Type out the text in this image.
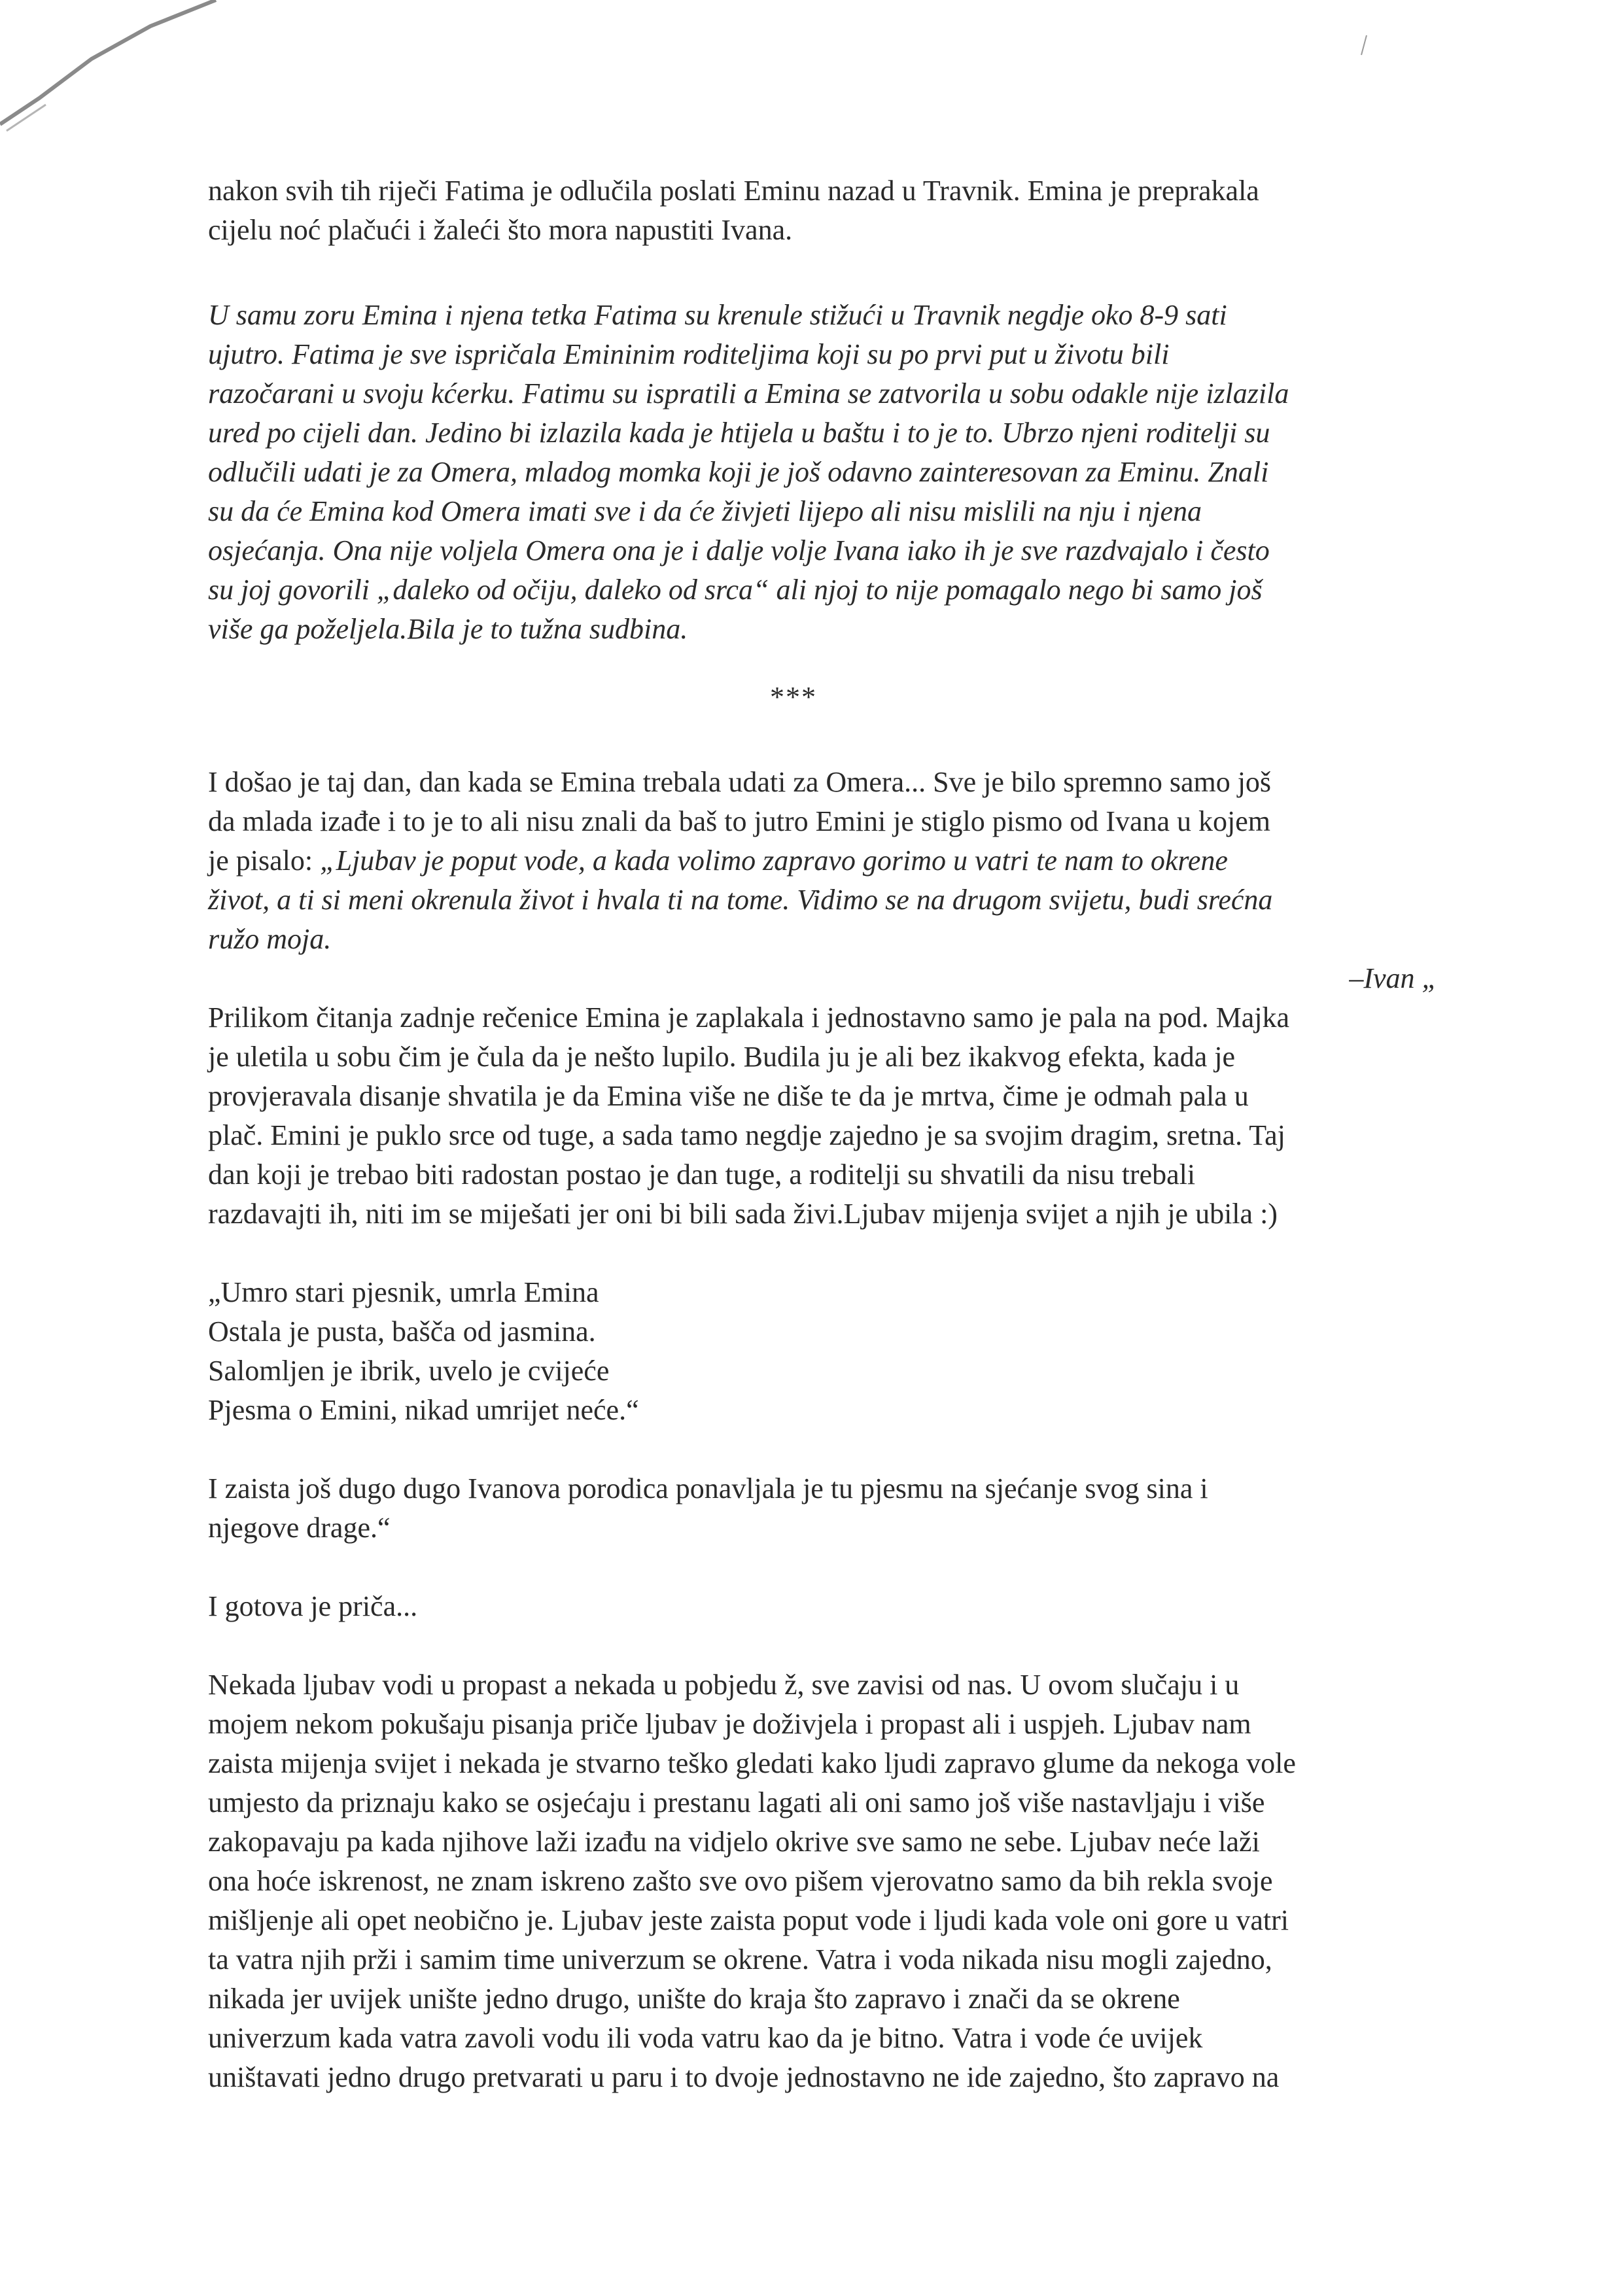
nakon svih tih riječi Fatima je odlučila poslati Eminu nazad u Travnik. Emina je preprakala
cijelu noć plačući i žaleći što mora napustiti Ivana.

U samu zoru Emina i njena tetka Fatima su krenule stižući u Travnik negdje oko 8-9 sati
ujutro. Fatima je sve ispričala Emininim roditeljima koji su po prvi put u životu bili
razočarani u svoju kćerku. Fatimu su ispratili a Emina se zatvorila u sobu odakle nije izlazila
ured po cijeli dan. Jedino bi izlazila kada je htijela u baštu i to je to. Ubrzo njeni roditelji su
odlučili udati je za Omera, mladog momka koji je još odavno zainteresovan za Eminu. Znali
su da će Emina kod Omera imati sve i da će živjeti lijepo ali nisu mislili na nju i njena
osjećanja. Ona nije voljela Omera ona je i dalje volje Ivana iako ih je sve razdvajalo i često
su joj govorili „daleko od očiju, daleko od srca“ ali njoj to nije pomagalo nego bi samo još
više ga poželjela.Bila je to tužna sudbina.

***

I došao je taj dan, dan kada se Emina trebala udati za Omera... Sve je bilo spremno samo još
da mlada izađe i to je to ali nisu znali da baš to jutro Emini je stiglo pismo od Ivana u kojem
je pisalo: „Ljubav je poput vode, a kada volimo zapravo gorimo u vatri te nam to okrene
život, a ti si meni okrenula život i hvala ti na tome. Vidimo se na drugom svijetu, budi srećna
ružo moja.

–Ivan „

Prilikom čitanja zadnje rečenice Emina je zaplakala i jednostavno samo je pala na pod. Majka
je uletila u sobu čim je čula da je nešto lupilo. Budila ju je ali bez ikakvog efekta, kada je
provjeravala disanje shvatila je da Emina više ne diše te da je mrtva, čime je odmah pala u
plač. Emini je puklo srce od tuge, a sada tamo negdje zajedno je sa svojim dragim, sretna. Taj
dan koji je trebao biti radostan postao je dan tuge, a roditelji su shvatili da nisu trebali
razdavajti ih, niti im se miješati jer oni bi bili sada živi.Ljubav mijenja svijet a njih je ubila :)

„Umro stari pjesnik, umrla Emina
Ostala je pusta, bašča od jasmina.
Salomljen je ibrik, uvelo je cvijeće
Pjesma o Emini, nikad umrijet neće.“

I zaista još dugo dugo Ivanova porodica ponavljala je tu pjesmu na sjećanje svog sina i
njegove drage.“

I gotova je priča...

Nekada ljubav vodi u propast a nekada u pobjedu ž, sve zavisi od nas. U ovom slučaju i u
mojem nekom pokušaju pisanja priče ljubav je doživjela i propast ali i uspjeh. Ljubav nam
zaista mijenja svijet i nekada je stvarno teško gledati kako ljudi zapravo glume da nekoga vole
umjesto da priznaju kako se osjećaju i prestanu lagati ali oni samo još više nastavljaju i više
zakopavaju pa kada njihove laži izađu na vidjelo okrive sve samo ne sebe. Ljubav neće laži
ona hoće iskrenost, ne znam iskreno zašto sve ovo pišem vjerovatno samo da bih rekla svoje
mišljenje ali opet neobično je. Ljubav jeste zaista poput vode i ljudi kada vole oni gore u vatri
ta vatra njih prži i samim time univerzum se okrene. Vatra i voda nikada nisu mogli zajedno,
nikada jer uvijek unište jedno drugo, unište do kraja što zapravo i znači da se okrene
univerzum kada vatra zavoli vodu ili voda vatru kao da je bitno. Vatra i vode će uvijek
uništavati jedno drugo pretvarati u paru i to dvoje jednostavno ne ide zajedno, što zapravo na
